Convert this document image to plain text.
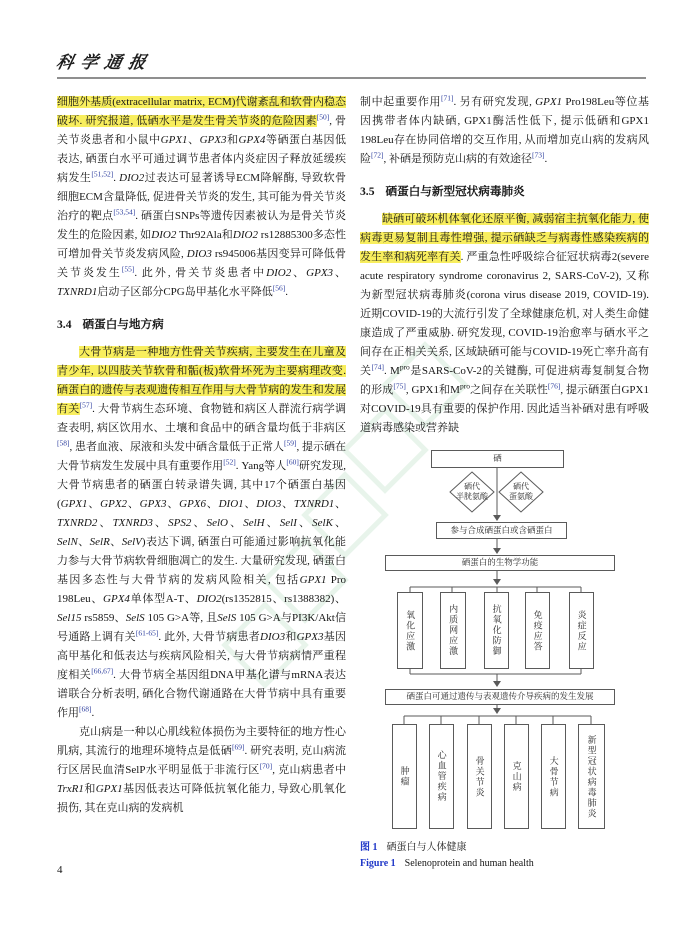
科学通报

细胞外基质(extracellular matrix, ECM)代谢紊乱和软骨内稳态破坏. 研究报道, 低硒水平是发生骨关节炎的危险因素[50], 骨关节炎患者和小鼠中GPX1、GPX3和GPX4等硒蛋白基因低表达, 硒蛋白水平可通过调节患者体内炎症因子释放延缓疾病发生[51,52]. DIO2过表达可显著诱导ECM降解酶, 导致软骨细胞ECM含量降低, 促进骨关节炎的发生, 其可能为骨关节炎治疗的靶点[53,54]. 硒蛋白SNPs等遗传因素被认为是骨关节炎发生的危险因素, 如DIO2 Thr92Ala和DIO2 rs12885300多态性可增加骨关节炎发病风险, DIO3 rs945006基因变异可降低骨关节炎发生[55]. 此外, 骨关节炎患者中DIO2、GPX3、TXNRD1启动子区部分CPG岛甲基化水平降低[56].

3.4 硒蛋白与地方病

大骨节病是一种地方性骨关节疾病, 主要发生在儿童及青少年, 以四肢关节软骨和骺(板)软骨坏死为主要病理改变. 硒蛋白的遗传与表观遗传相互作用与大骨节病的发生和发展有关[57]. 大骨节病生态环境、食物链和病区人群流行病学调查表明, 病区饮用水、土壤和食品中的硒含量均低于非病区[58], 患者血液、尿液和头发中硒含量低于正常人[59], 提示硒在大骨节病发生发展中具有重要作用[52]. Yang等人[60]研究发现, 大骨节病患者的硒蛋白转录谱失调, 其中17个硒蛋白基因(GPX1、GPX2、GPX3、GPX6、DIO1、DIO3、TXNRD1、TXNRD2、TXNRD3、SPS2、SelO、SelH、SelI、SelK、SelN、SelR、SelV)表达下调, 硒蛋白可能通过影响抗氧化能力参与大骨节病软骨细胞凋亡的发生. 大量研究发现, 硒蛋白基因多态性与大骨节病的发病风险相关, 包括GPX1 Pro 198Leu、GPX4单体型A-T、DIO2(rs1352815、rs1388382)、Sel15 rs5859、SelS 105 G>A等, 且SelS 105 G>A与PI3K/Akt信号通路上调有关[61-65]. 此外, 大骨节病患者DIO3和GPX3基因高甲基化和低表达与疾病风险相关, 与大骨节病病情严重程度相关[66,67]. 大骨节病全基因组DNA甲基化谱与mRNA表达谱联合分析表明, 硒化合物代谢通路在大骨节病中具有重要作用[68].

克山病是一种以心肌线粒体损伤为主要特征的地方性心肌病, 其流行的地理环境特点是低硒[69]. 研究表明, 克山病流行区居民血清SelP水平明显低于非流行区[70], 克山病患者中TrxR1和GPX1基因低表达可降低抗氧化能力, 导致心肌氧化损伤, 其在克山病的发病机

制中起重要作用[71]. 另有研究发现, GPX1 Pro198Leu等位基因携带者体内缺硒, GPX1酶活性低下, 提示低硒和GPX1 198Leu存在协同倍增的交互作用, 从而增加克山病的发病风险[72], 补硒是预防克山病的有效途径[73].

3.5 硒蛋白与新型冠状病毒肺炎

缺硒可破坏机体氧化还原平衡, 减弱宿主抗氧化能力, 使病毒更易复制且毒性增强, 提示硒缺乏与病毒性感染疾病的发生率和病死率有关. 严重急性呼吸综合征冠状病毒2(severe acute respiratory syndrome coronavirus 2, SARS-CoV-2), 又称为新型冠状病毒肺炎(corona virus disease 2019, COVID-19). 近期COVID-19的大流行引发了全球健康危机, 对人类生命健康造成了严重威胁. 研究发现, COVID-19治愈率与硒水平之间存在正相关关系, 区域缺硒可能与COVID-19死亡率升高有关[74]. $M^{pro}$是SARS-CoV-2的关键酶, 可促进病毒复制复合物的形成[75], GPX1和$M^{pro}$之间存在关联性[76], 提示硒蛋白GPX1对COVID-19具有重要的保护作用. 因此适当补硒对患有呼吸道病毒感染或营养缺

硒
硒代
半胱氨酸
硒代
蛋氨酸
参与合成硒蛋白或含硒蛋白
硒蛋白的生物学功能
氧化应激	内质网应激	抗氧化防御	免疫应答	炎症反应
硒蛋白可通过遗传与表观遗传介导疾病的发生发展
肿瘤	心血管疾病	骨关节炎	克山病	大骨节病	新型冠状病毒肺炎
图 1 硒蛋白与人体健康
Figure 1 Selenoprotein and human health
4
